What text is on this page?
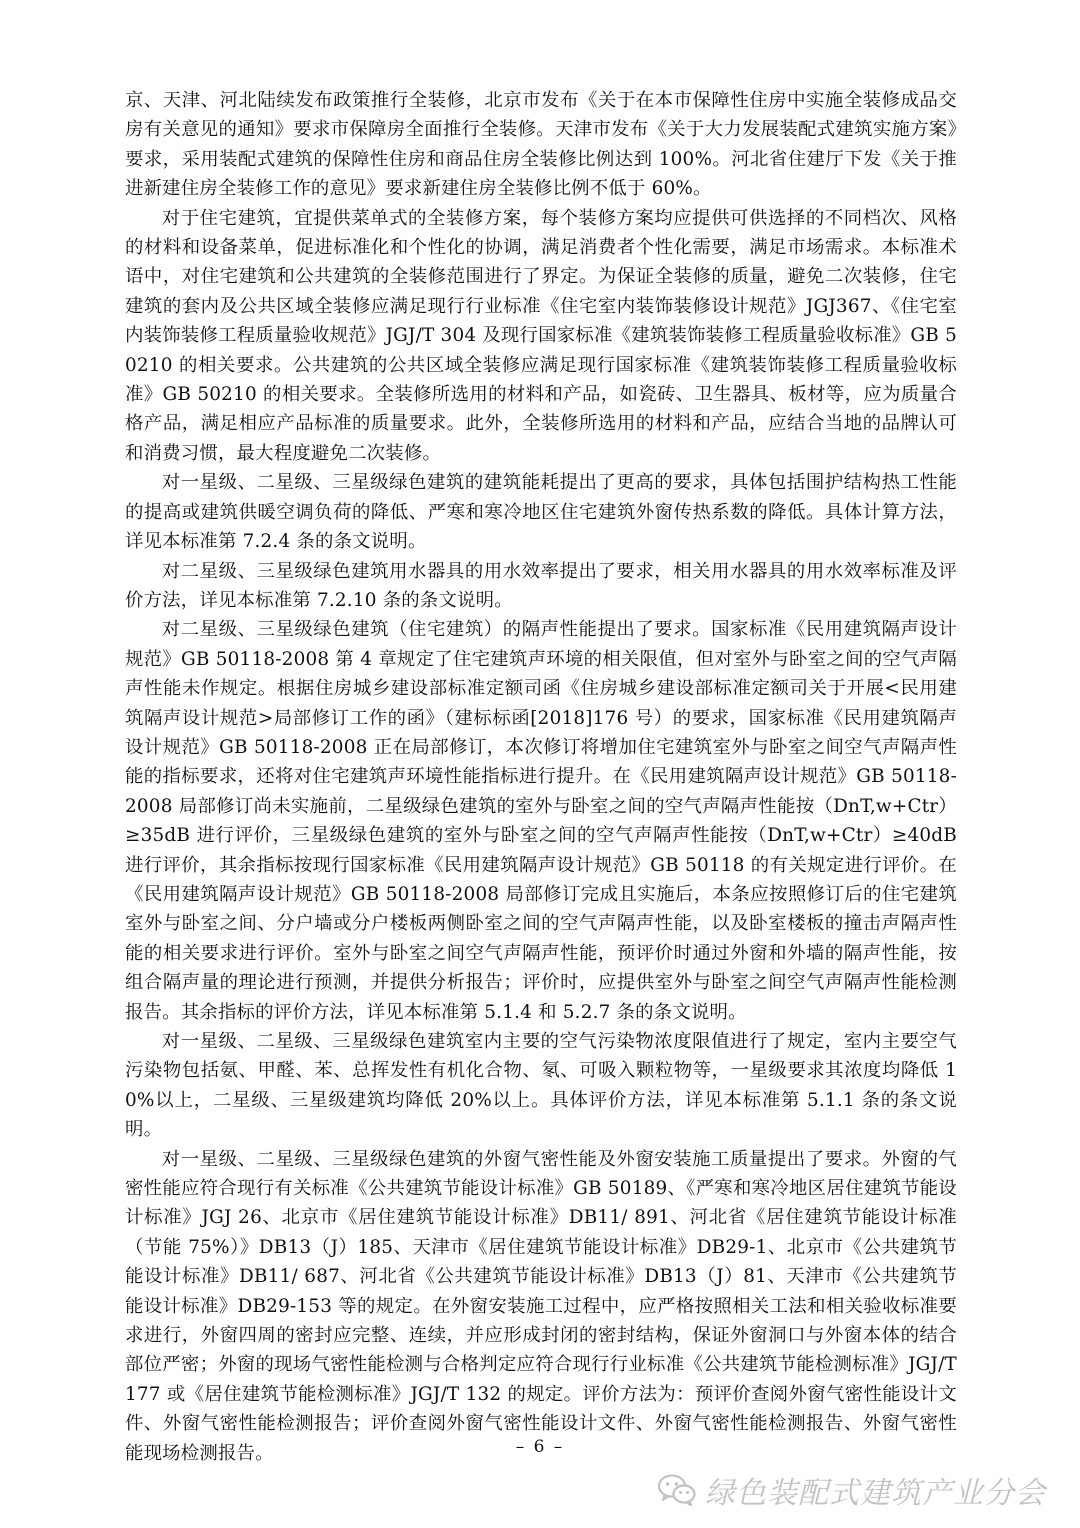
京、天津、河北陆续发布政策推行全装修，北京市发布《关于在本市保障性住房中实施全装修成品交房有关意见的通知》要求市保障房全面推行全装修。天津市发布《关于大力发展装配式建筑实施方案》要求，采用装配式建筑的保障性住房和商品住房全装修比例达到 100%。河北省住建厅下发《关于推进新建住房全装修工作的意见》要求新建住房全装修比例不低于 60%。

对于住宅建筑，宜提供菜单式的全装修方案，每个装修方案均应提供可供选择的不同档次、风格的材料和设备菜单，促进标准化和个性化的协调，满足消费者个性化需要，满足市场需求。本标准术语中，对住宅建筑和公共建筑的全装修范围进行了界定。为保证全装修的质量，避免二次装修，住宅建筑的套内及公共区域全装修应满足现行行业标准《住宅室内装饰装修设计规范》JGJ367、《住宅室内装饰装修工程质量验收规范》JGJ/T 304 及现行国家标准《建筑装饰装修工程质量验收标准》GB 50210 的相关要求。公共建筑的公共区域全装修应满足现行国家标准《建筑装饰装修工程质量验收标准》GB 50210 的相关要求。全装修所选用的材料和产品，如瓷砖、卫生器具、板材等，应为质量合格产品，满足相应产品标准的质量要求。此外，全装修所选用的材料和产品，应结合当地的品牌认可和消费习惯，最大程度避免二次装修。

对一星级、二星级、三星级绿色建筑的建筑能耗提出了更高的要求，具体包括围护结构热工性能的提高或建筑供暖空调负荷的降低、严寒和寒冷地区住宅建筑外窗传热系数的降低。具体计算方法，详见本标准第 7.2.4 条的条文说明。

对二星级、三星级绿色建筑用水器具的用水效率提出了要求，相关用水器具的用水效率标准及评价方法，详见本标准第 7.2.10 条的条文说明。

对二星级、三星级绿色建筑（住宅建筑）的隔声性能提出了要求。国家标准《民用建筑隔声设计规范》GB 50118-2008 第 4 章规定了住宅建筑声环境的相关限值，但对室外与卧室之间的空气声隔声性能未作规定。根据住房城乡建设部标准定额司函《住房城乡建设部标准定额司关于开展<民用建筑隔声设计规范>局部修订工作的函》（建标标函[2018]176 号）的要求，国家标准《民用建筑隔声设计规范》GB 50118-2008 正在局部修订，本次修订将增加住宅建筑室外与卧室之间空气声隔声性能的指标要求，还将对住宅建筑声环境性能指标进行提升。在《民用建筑隔声设计规范》GB 50118-2008 局部修订尚未实施前，二星级绿色建筑的室外与卧室之间的空气声隔声性能按（DnT,w+Ctr）≥35dB 进行评价，三星级绿色建筑的室外与卧室之间的空气声隔声性能按（DnT,w+Ctr）≥40dB 进行评价，其余指标按现行国家标准《民用建筑隔声设计规范》GB 50118 的有关规定进行评价。在《民用建筑隔声设计规范》GB 50118-2008 局部修订完成且实施后，本条应按照修订后的住宅建筑室外与卧室之间、分户墙或分户楼板两侧卧室之间的空气声隔声性能，以及卧室楼板的撞击声隔声性能的相关要求进行评价。室外与卧室之间空气声隔声性能，预评价时通过外窗和外墙的隔声性能，按组合隔声量的理论进行预测，并提供分析报告；评价时，应提供室外与卧室之间空气声隔声性能检测报告。其余指标的评价方法，详见本标准第 5.1.4 和 5.2.7 条的条文说明。

对一星级、二星级、三星级绿色建筑室内主要的空气污染物浓度限值进行了规定，室内主要空气污染物包括氨、甲醛、苯、总挥发性有机化合物、氡、可吸入颗粒物等，一星级要求其浓度均降低 10%以上，二星级、三星级建筑均降低 20%以上。具体评价方法，详见本标准第 5.1.1 条的条文说明。

对一星级、二星级、三星级绿色建筑的外窗气密性能及外窗安装施工质量提出了要求。外窗的气密性能应符合现行有关标准《公共建筑节能设计标准》GB 50189、《严寒和寒冷地区居住建筑节能设计标准》JGJ 26、北京市《居住建筑节能设计标准》DB11/ 891、河北省《居住建筑节能设计标准（节能 75%）》DB13（J）185、天津市《居住建筑节能设计标准》DB29-1、北京市《公共建筑节能设计标准》DB11/ 687、河北省《公共建筑节能设计标准》DB13（J）81、天津市《公共建筑节能设计标准》DB29-153 等的规定。在外窗安装施工过程中，应严格按照相关工法和相关验收标准要求进行，外窗四周的密封应完整、连续，并应形成封闭的密封结构，保证外窗洞口与外窗本体的结合部位严密；外窗的现场气密性能检测与合格判定应符合现行行业标准《公共建筑节能检测标准》JGJ/T 177 或《居住建筑节能检测标准》JGJ/T 132 的规定。评价方法为：预评价查阅外窗气密性能设计文件、外窗气密性能检测报告；评价查阅外窗气密性能设计文件、外窗气密性能检测报告、外窗气密性能现场检测报告。	– 6 –
绿色装配式建筑产业分会
